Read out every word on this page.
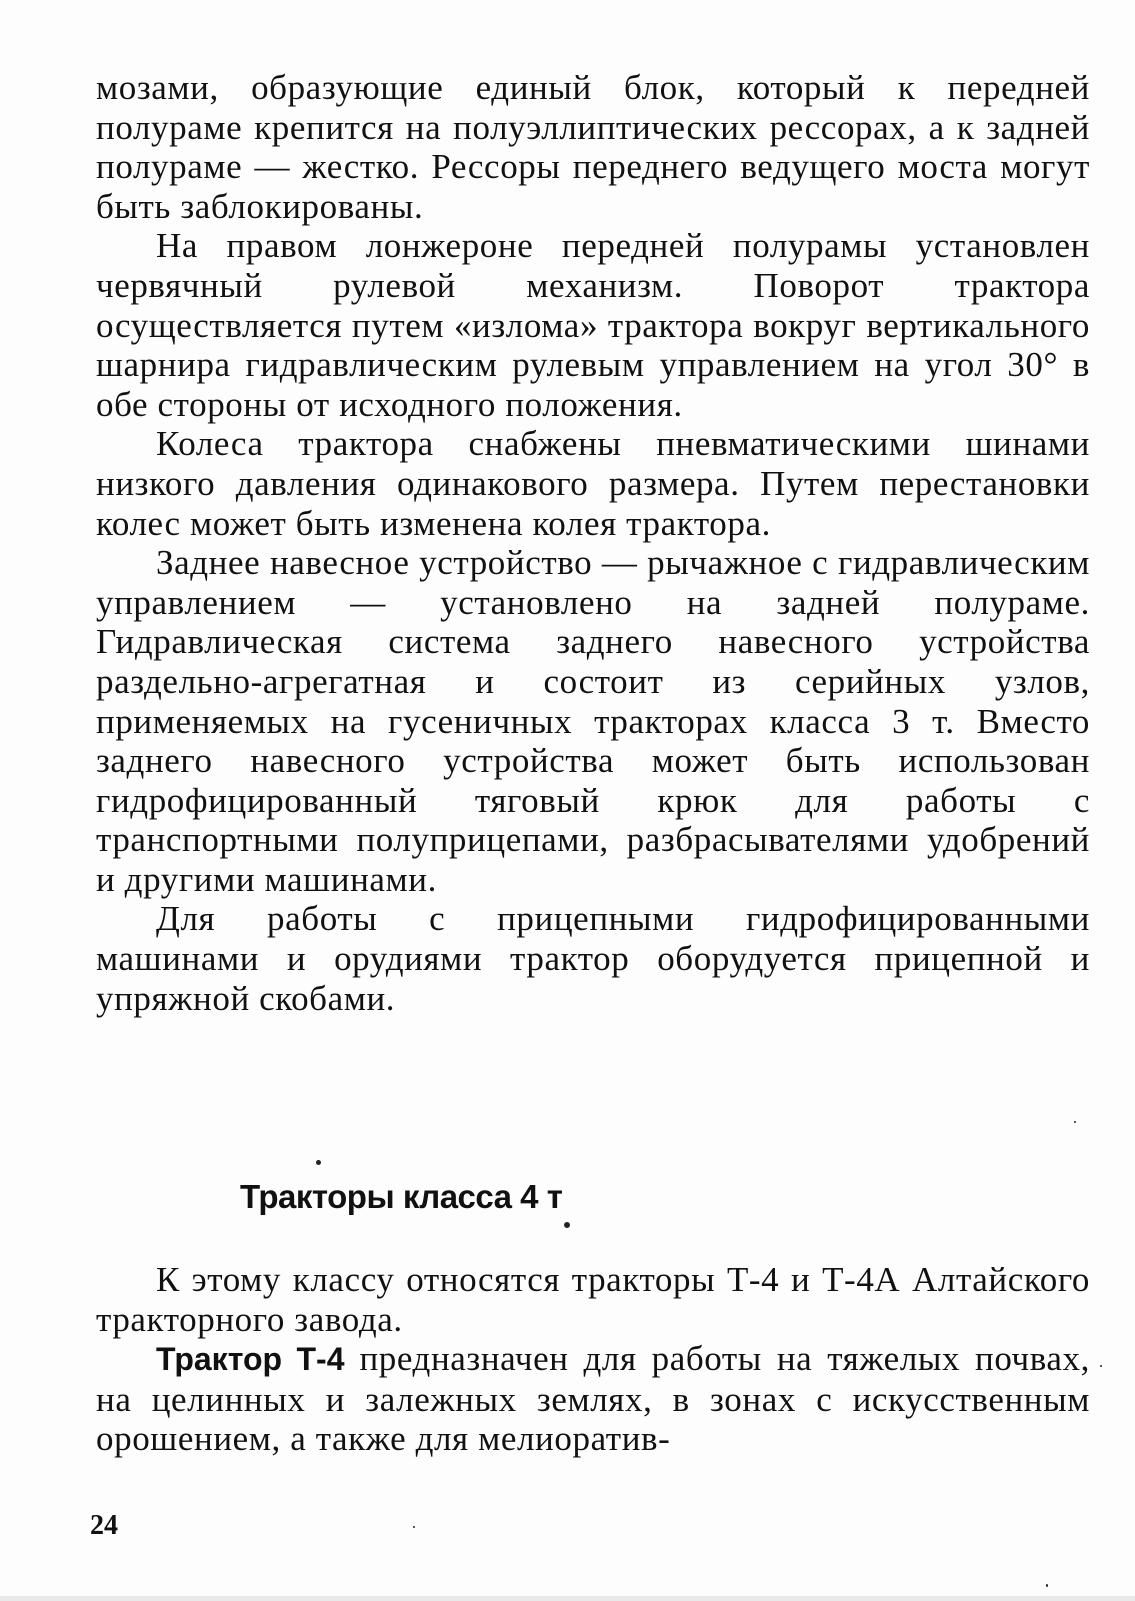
мозами, образующие единый блок, который к передней полураме крепится на полуэллиптических рессорах, а к задней полураме — жестко. Рессоры переднего ведущего моста могут быть заблокированы.

На правом лонжероне передней полурамы установлен червячный рулевой механизм. Поворот трактора осуществляется путем «излома» трактора вокруг вертикального шарнира гидравлическим рулевым управлением на угол 30° в обе стороны от исходного положения.

Колеса трактора снабжены пневматическими шинами низкого давления одинакового размера. Путем перестановки колес может быть изменена колея трактора.

Заднее навесное устройство — рычажное с гидравлическим управлением — установлено на задней полураме. Гидравлическая система заднего навесного устройства раздельно-агрегатная и состоит из серийных узлов, применяемых на гусеничных тракторах класса 3 т. Вместо заднего навесного устройства может быть использован гидрофицированный тяговый крюк для работы с транспортными полуприцепами, разбрасывателями удобрений и другими машинами.

Для работы с прицепными гидрофицированными машинами и орудиями трактор оборудуется прицепной и упряжной скобами.

Тракторы класса 4 т

К этому классу относятся тракторы Т-4 и Т-4А Алтайского тракторного завода.

Трактор Т-4 предназначен для работы на тяжелых почвах, на целинных и залежных землях, в зонах с искусственным орошением, а также для мелиоратив-

24
